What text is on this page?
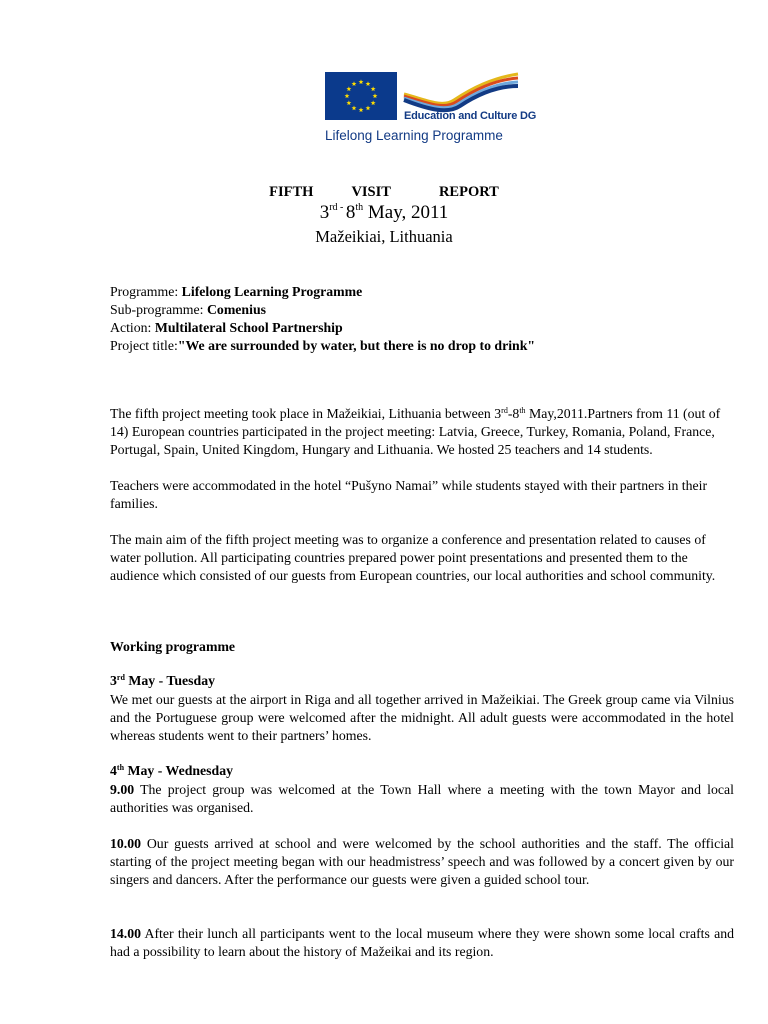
Education and Culture DG
Lifelong Learning Programme
FIFTH	VISIT	REPORT
$3^{rd -}$ 8th May, 2011
Mažeikiai, Lithuania
Programme: Lifelong Learning Programme
Sub-programme: Comenius
Action: Multilateral School Partnership
Project title:"We are surrounded by water, but there is no drop to drink"
The fifth project meeting took place in Mažeikiai, Lithuania between 3rd-8th May,2011.Partners from 11 (out of 14) European countries participated in the project meeting: Latvia, Greece, Turkey, Romania, Poland, France, Portugal, Spain, United Kingdom, Hungary and Lithuania. We hosted 25 teachers and 14 students.
Teachers were accommodated in the hotel “Pušyno Namai” while students stayed with their partners in their families.
The main aim of the fifth project meeting was to organize a conference and presentation related to causes of water pollution. All participating countries prepared power point presentations and presented them to the audience which consisted of our guests from European countries, our local authorities and school community.
Working programme
3rd May - Tuesday
We met our guests at the airport in Riga and all together arrived in Mažeikiai. The Greek group came via Vilnius and the Portuguese group were welcomed after the midnight. All adult guests were accommodated in the hotel whereas students went to their partners’ homes.
4th May - Wednesday
9.00 The project group was welcomed at the Town Hall where a meeting with the town Mayor and local authorities was organised.
10.00 Our guests arrived at school and were welcomed by the school authorities and the staff. The official starting of the project meeting began with our headmistress’ speech and was followed by a concert given by our singers and dancers. After the performance our guests were given a guided school tour.
14.00 After their lunch all participants went to the local museum where they were shown some local crafts and had a possibility to learn about the history of Mažeikai and its region.
